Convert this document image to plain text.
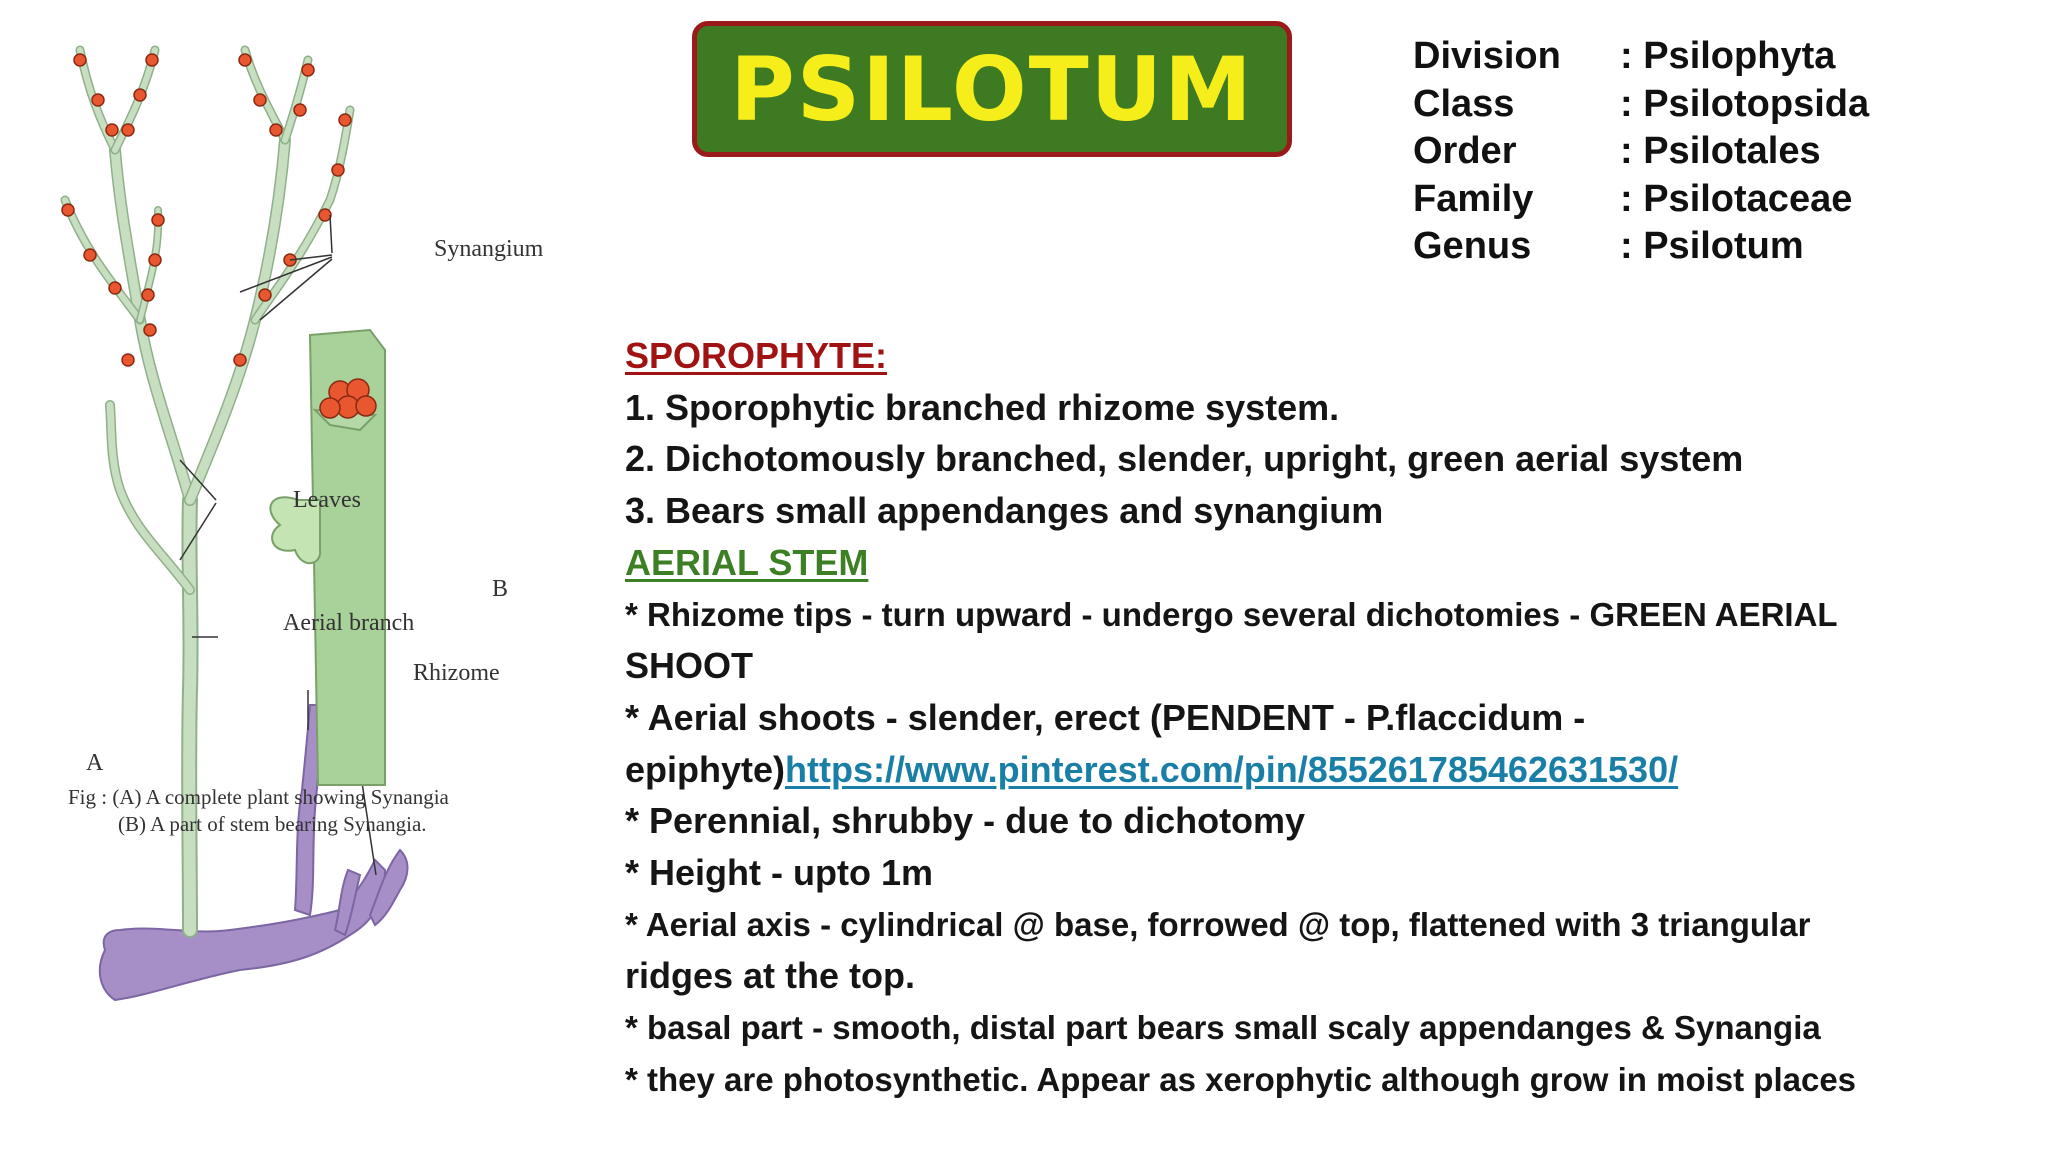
PSILOTUM	Division	: Psilophyta
Class	: Psilotopsida
Order	: Psilotales
Family	: Psilotaceae
Genus	: Psilotum
Synangium
Leaves
Aerial branch
Rhizome
A
B
Fig : (A) A complete plant showing Synangia
(B) A part of stem bearing Synangia.
SPOROPHYTE:
1. Sporophytic branched rhizome system.
2. Dichotomously branched, slender, upright, green aerial system
3. Bears small appendanges and synangium
AERIAL STEM
* Rhizome tips - turn upward - undergo several dichotomies - GREEN AERIAL
SHOOT
* Aerial shoots - slender, erect (PENDENT - P.flaccidum -
epiphyte)https://www.pinterest.com/pin/855261785462631530/
* Perennial, shrubby - due to dichotomy
* Height - upto 1m
* Aerial axis - cylindrical @ base, forrowed @ top, flattened with 3 triangular
ridges at the top.
* basal part - smooth, distal part bears small scaly appendanges & Synangia
* they are photosynthetic. Appear as xerophytic although grow in moist places
